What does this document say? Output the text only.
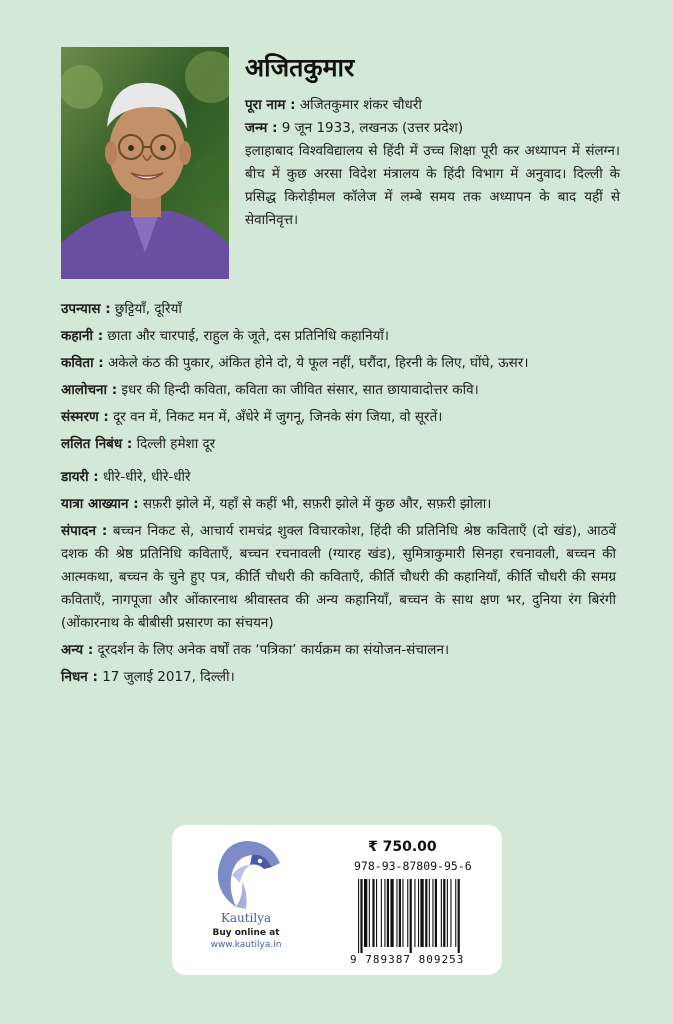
अजितकुमार

पूरा नाम : अजितकुमार शंकर चौधरी

जन्म : 9 जून 1933, लखनऊ (उत्तर प्रदेश)

इलाहाबाद विश्वविद्यालय से हिंदी में उच्च शिक्षा पूरी कर अध्यापन में संलग्न। बीच में कुछ अरसा विदेश मंत्रालय के हिंदी विभाग में अनुवाद। दिल्ली के प्रसिद्ध किरोड़ीमल कॉलेज में लम्बे समय तक अध्यापन के बाद यहीं से सेवानिवृत्त।

उपन्यास : छुट्टियाँ, दूरियाँ

कहानी : छाता और चारपाई, राहुल के जूते, दस प्रतिनिधि कहानियाँ।

कविता : अकेले कंठ की पुकार, अंकित होने दो, ये फूल नहीं, घरौंदा, हिरनी के लिए, घोंघे, ऊसर।

आलोचना : इधर की हिन्दी कविता, कविता का जीवित संसार, सात छायावादोत्तर कवि।

संस्मरण : दूर वन में, निकट मन में, अँधेरे में जुगनू, जिनके संग जिया, वो सूरतें।

ललित निबंध : दिल्ली हमेशा दूर

डायरी : धीरे-धीरे, धीरे-धीरे

यात्रा आख्यान : सफ़री झोले में, यहाँ से कहीं भी, सफ़री झोले में कुछ और, सफ़री झोला।

संपादन : बच्चन निकट से, आचार्य रामचंद्र शुक्ल विचारकोश, हिंदी की प्रतिनिधि श्रेष्ठ कविताएँ (दो खंड), आठवें दशक की श्रेष्ठ प्रतिनिधि कविताएँ, बच्चन रचनावली (ग्यारह खंड), सुमित्राकुमारी सिनहा रचनावली, बच्चन की आत्मकथा, बच्चन के चुने हुए पत्र, कीर्ति चौधरी की कविताएँ, कीर्ति चौधरी की कहानियाँ, कीर्ति चौधरी की समग्र कविताएँ, नागपूजा और ओंकारनाथ श्रीवास्तव की अन्य कहानियाँ, बच्चन के साथ क्षण भर, दुनिया रंग बिरंगी (ओंकारनाथ के बीबीसी प्रसारण का संचयन)

अन्य : दूरदर्शन के लिए अनेक वर्षों तक ‘पत्रिका’ कार्यक्रम का संयोजन-संचालन।

निधन : 17 जुलाई 2017, दिल्ली।

Kautilya
Buy online at
www.kautilya.in
₹ 750.00
978-93-87809-95-6
9 789387 809253
